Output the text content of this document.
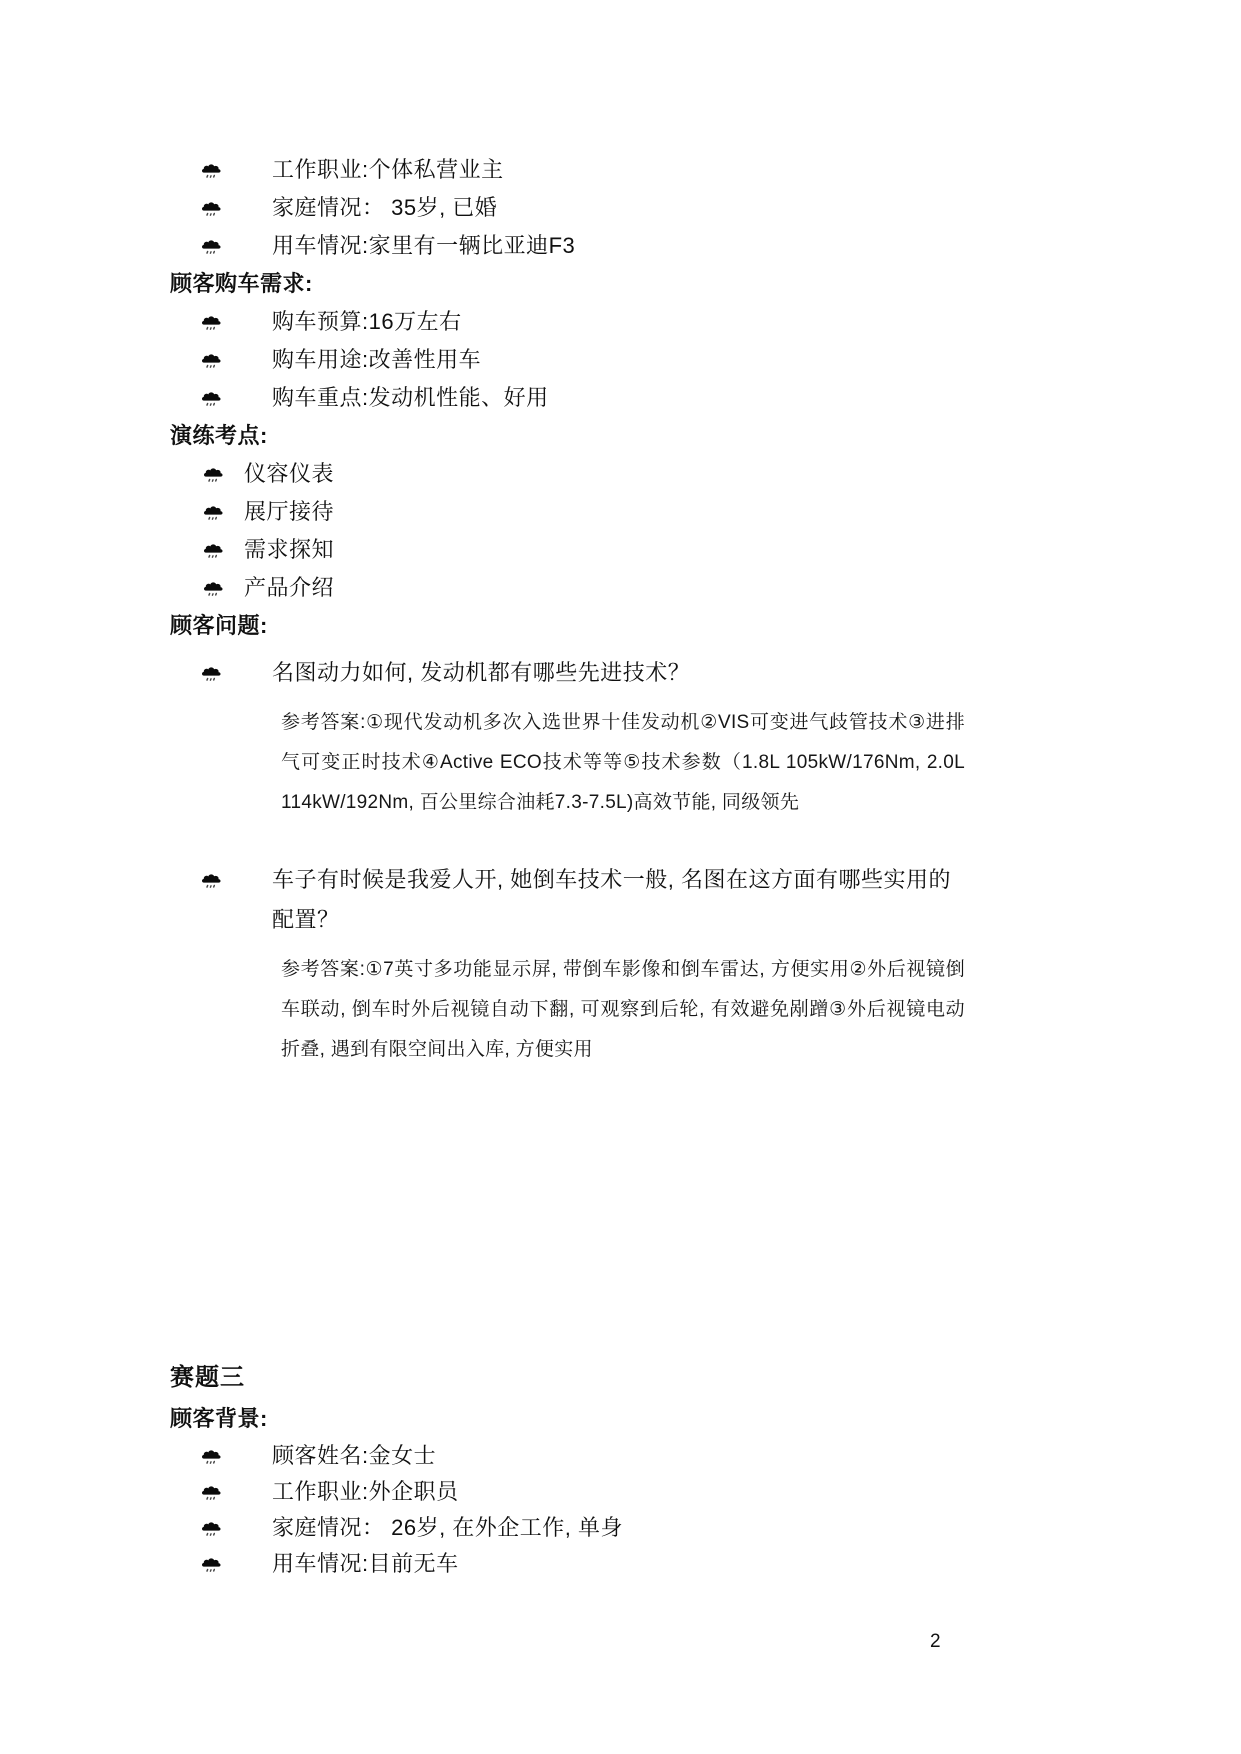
工作职业:个体私营业主
家庭情况： 35岁, 已婚
用车情况:家里有一辆比亚迪F3
顾客购车需求:
购车预算:16万左右
购车用途:改善性用车
购车重点:发动机性能、好用
演练考点:
仪容仪表
展厅接待
需求探知
产品介绍
顾客问题:
名图动力如何, 发动机都有哪些先进技术？
参考答案:①现代发动机多次入选世界十佳发动机②VIS可变进气歧管技术③进排气可变正时技术④Active ECO技术等等⑤技术参数（1.8L 105kW/176Nm, 2.0L 114kW/192Nm, 百公里综合油耗7.3-7.5L)高效节能, 同级领先
车子有时候是我爱人开, 她倒车技术一般, 名图在这方面有哪些实用的配置？
参考答案:①7英寸多功能显示屏, 带倒车影像和倒车雷达, 方便实用②外后视镜倒车联动, 倒车时外后视镜自动下翻, 可观察到后轮, 有效避免剐蹭③外后视镜电动折叠, 遇到有限空间出入库, 方便实用
赛题三
顾客背景:
顾客姓名:金女士
工作职业:外企职员
家庭情况： 26岁, 在外企工作, 单身
用车情况:目前无车
2
